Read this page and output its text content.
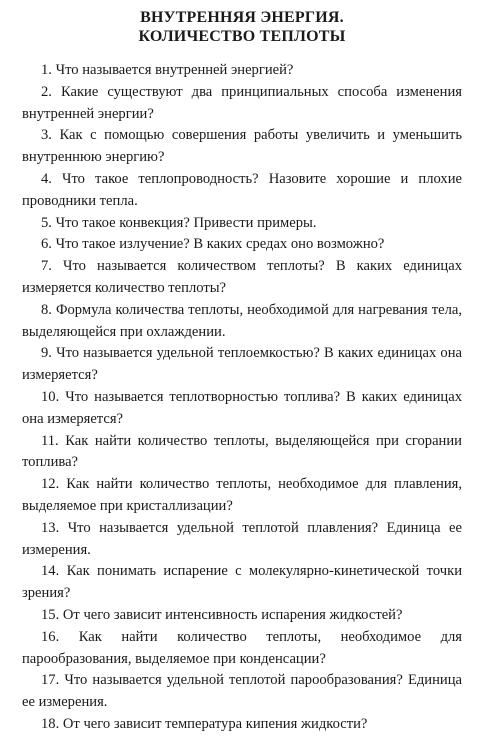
ВНУТРЕННЯЯ ЭНЕРГИЯ.
КОЛИЧЕСТВО ТЕПЛОТЫ
1. Что называется внутренней энергией?
2. Какие существуют два принципиальных способа изменения внутренней энергии?
3. Как с помощью совершения работы увеличить и уменьшить внутреннюю энергию?
4. Что такое теплопроводность? Назовите хорошие и плохие проводники тепла.
5. Что такое конвекция? Привести примеры.
6. Что такое излучение? В каких средах оно возможно?
7. Что называется количеством теплоты? В каких единицах измеряется количество теплоты?
8. Формула количества теплоты, необходимой для нагревания тела, выделяющейся при охлаждении.
9. Что называется удельной теплоемкостью? В каких единицах она измеряется?
10. Что называется теплотворностью топлива? В каких единицах она измеряется?
11. Как найти количество теплоты, выделяющейся при сгорании топлива?
12. Как найти количество теплоты, необходимое для плавления, выделяемое при кристаллизации?
13. Что называется удельной теплотой плавления? Единица ее измерения.
14. Как понимать испарение с молекулярно-кинетической точки зрения?
15. От чего зависит интенсивность испарения жидкостей?
16. Как найти количество теплоты, необходимое для парообразования, выделяемое при конденсации?
17. Что называется удельной теплотой парообразования? Единица ее измерения.
18. От чего зависит температура кипения жидкости?
